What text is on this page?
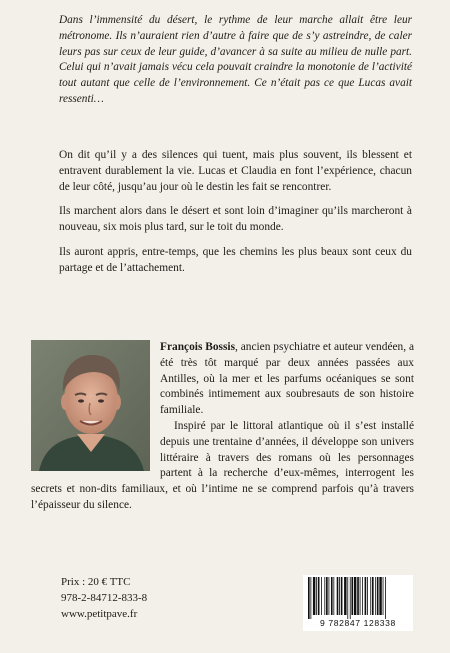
Dans l’immensité du désert, le rythme de leur marche allait être leur métronome. Ils n’auraient rien d’autre à faire que de s’y astreindre, de caler leurs pas sur ceux de leur guide, d’avancer à sa suite au milieu de nulle part. Celui qui n’avait jamais vécu cela pouvait craindre la monotonie de l’activité tout autant que celle de l’environnement. Ce n’était pas ce que Lucas avait ressenti…

On dit qu’il y a des silences qui tuent, mais plus souvent, ils blessent et entravent durablement la vie. Lucas et Claudia en font l’expérience, chacun de leur côté, jusqu’au jour où le destin les fait se rencontrer.

Ils marchent alors dans le désert et sont loin d’imaginer qu’ils marcheront à nouveau, six mois plus tard, sur le toit du monde.

Ils auront appris, entre-temps, que les chemins les plus beaux sont ceux du partage et de l’attachement.

François Bossis, ancien psychiatre et auteur vendéen, a été très tôt marqué par deux années passées aux Antilles, où la mer et les parfums océaniques se sont combinés intimement aux soubresauts de son histoire familiale.

Inspiré par le littoral atlantique où il s’est installé depuis une trentaine d’années, il développe son univers littéraire à travers des romans où les personnages partent à la recherche d’eux-mêmes, interrogent les secrets et non-dits familiaux, et où l’intime ne se comprend parfois qu’à travers l’épaisseur du silence.

Prix : 20 € TTC
978-2-84712-833-8
www.petitpave.fr
9 782847 128338
